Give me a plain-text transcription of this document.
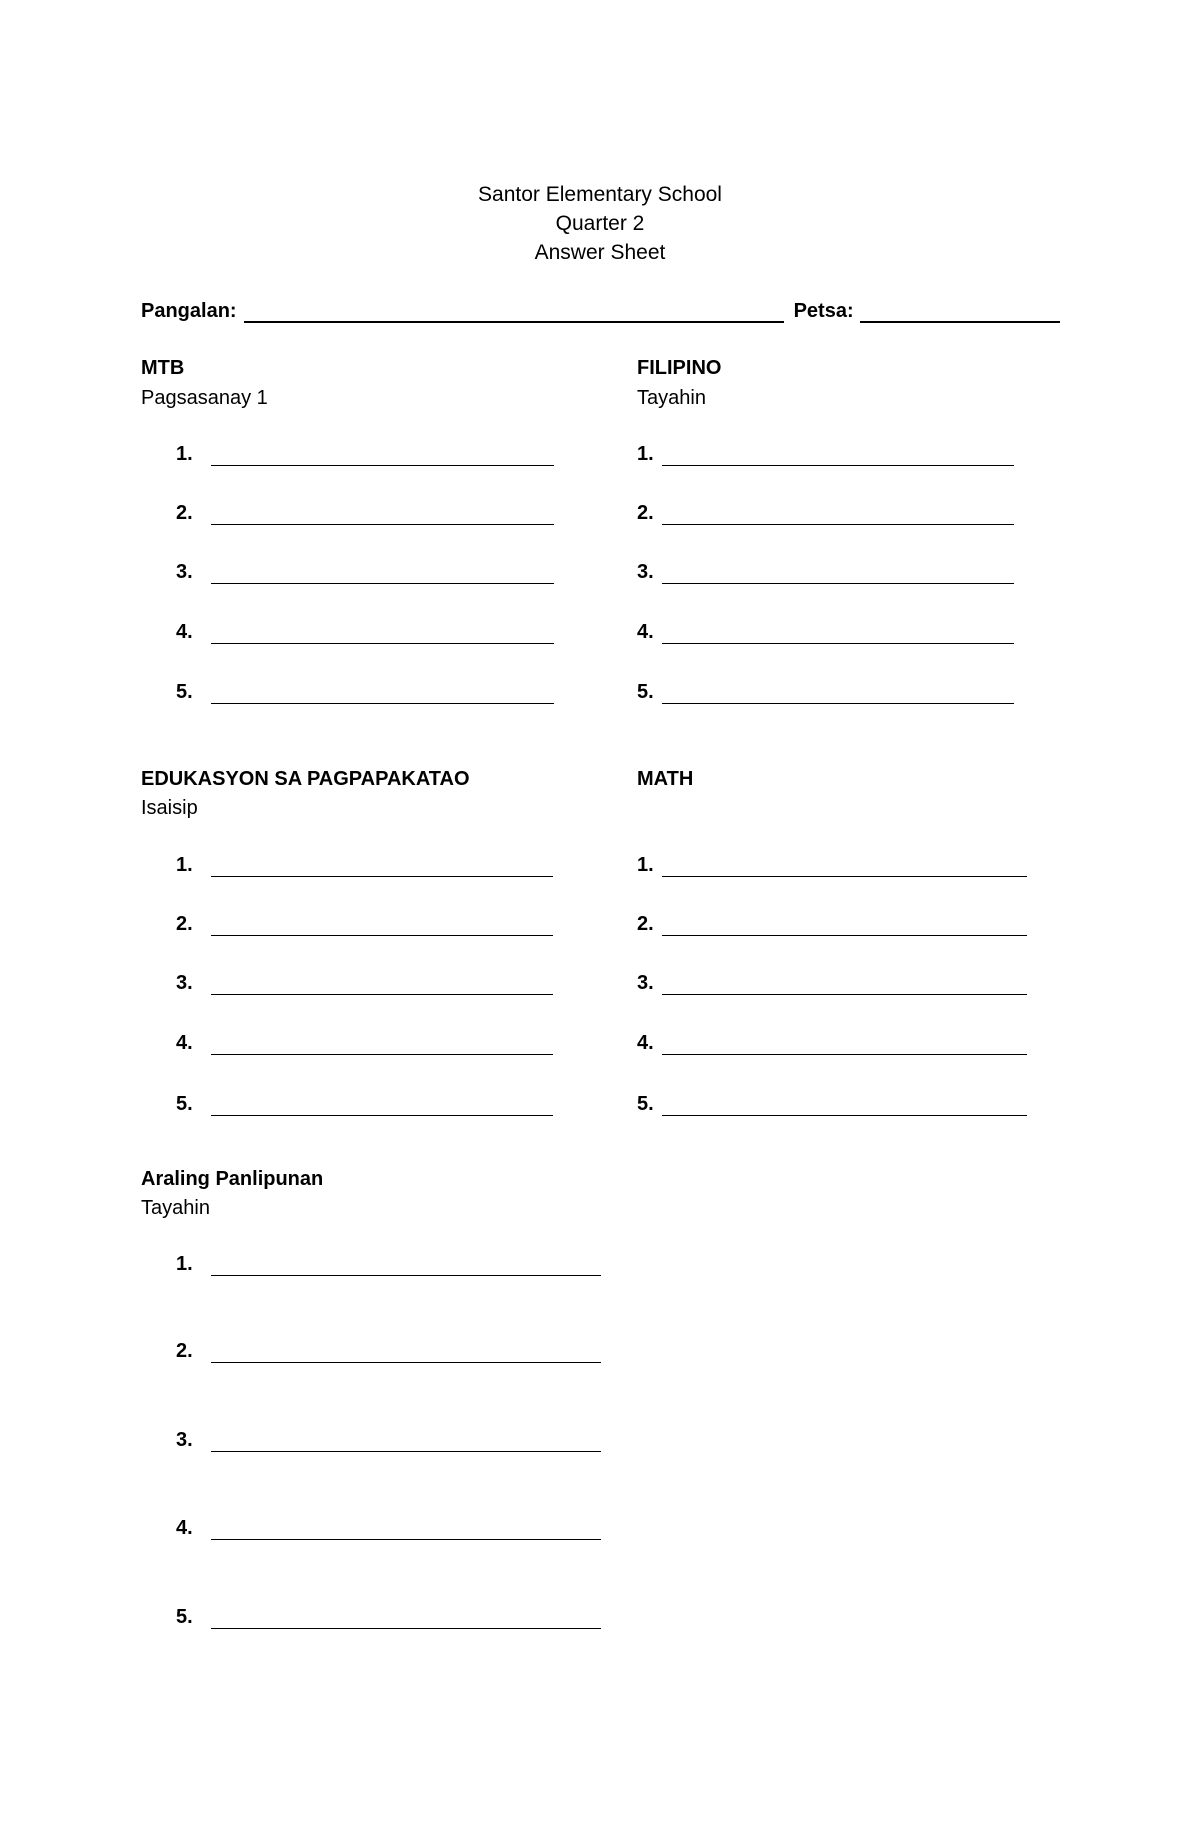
Santor Elementary School
Quarter 2
Answer Sheet
Pangalan:	Petsa:
MTB
Pagsasanay 1
1.
2.
3.
4.
5.
FILIPINO
Tayahin
1.
2.
3.
4.
5.
EDUKASYON SA PAGPAPAKATAO
Isaisip
1.
2.
3.
4.
5.
MATH
1.
2.
3.
4.
5.
Araling Panlipunan
Tayahin
1.
2.
3.
4.
5.
